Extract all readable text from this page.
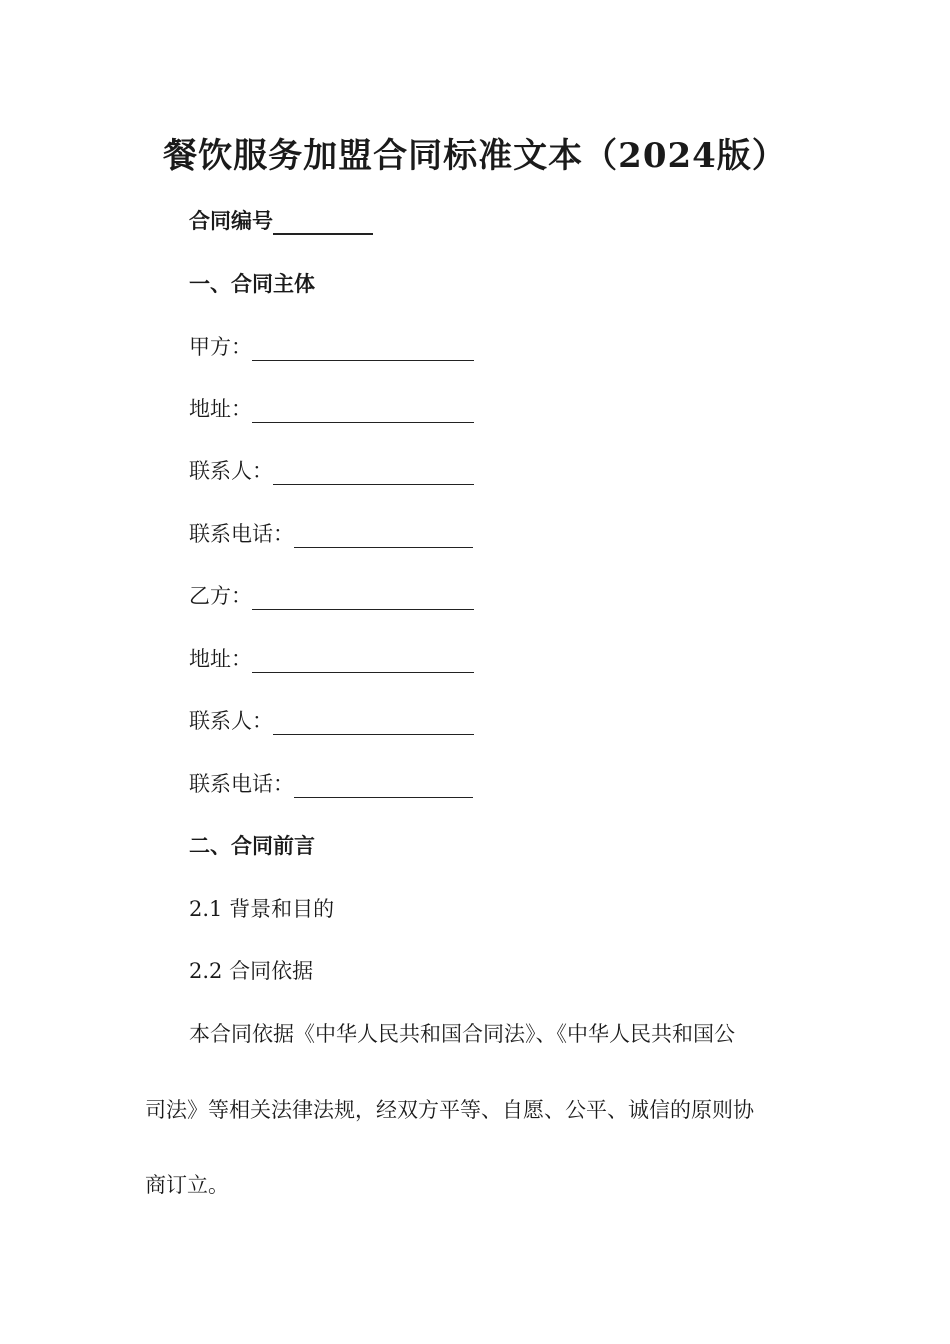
餐饮服务加盟合同标准文本（2024版）
合同编号
一、合同主体
甲方：
地址：
联系人：
联系电话：
乙方：
地址：
联系人：
联系电话：
二、合同前言
2.1 背景和目的
2.2 合同依据
本合同依据《中华人民共和国合同法》、《中华人民共和国公
司法》等相关法律法规，经双方平等、自愿、公平、诚信的原则协
商订立。
